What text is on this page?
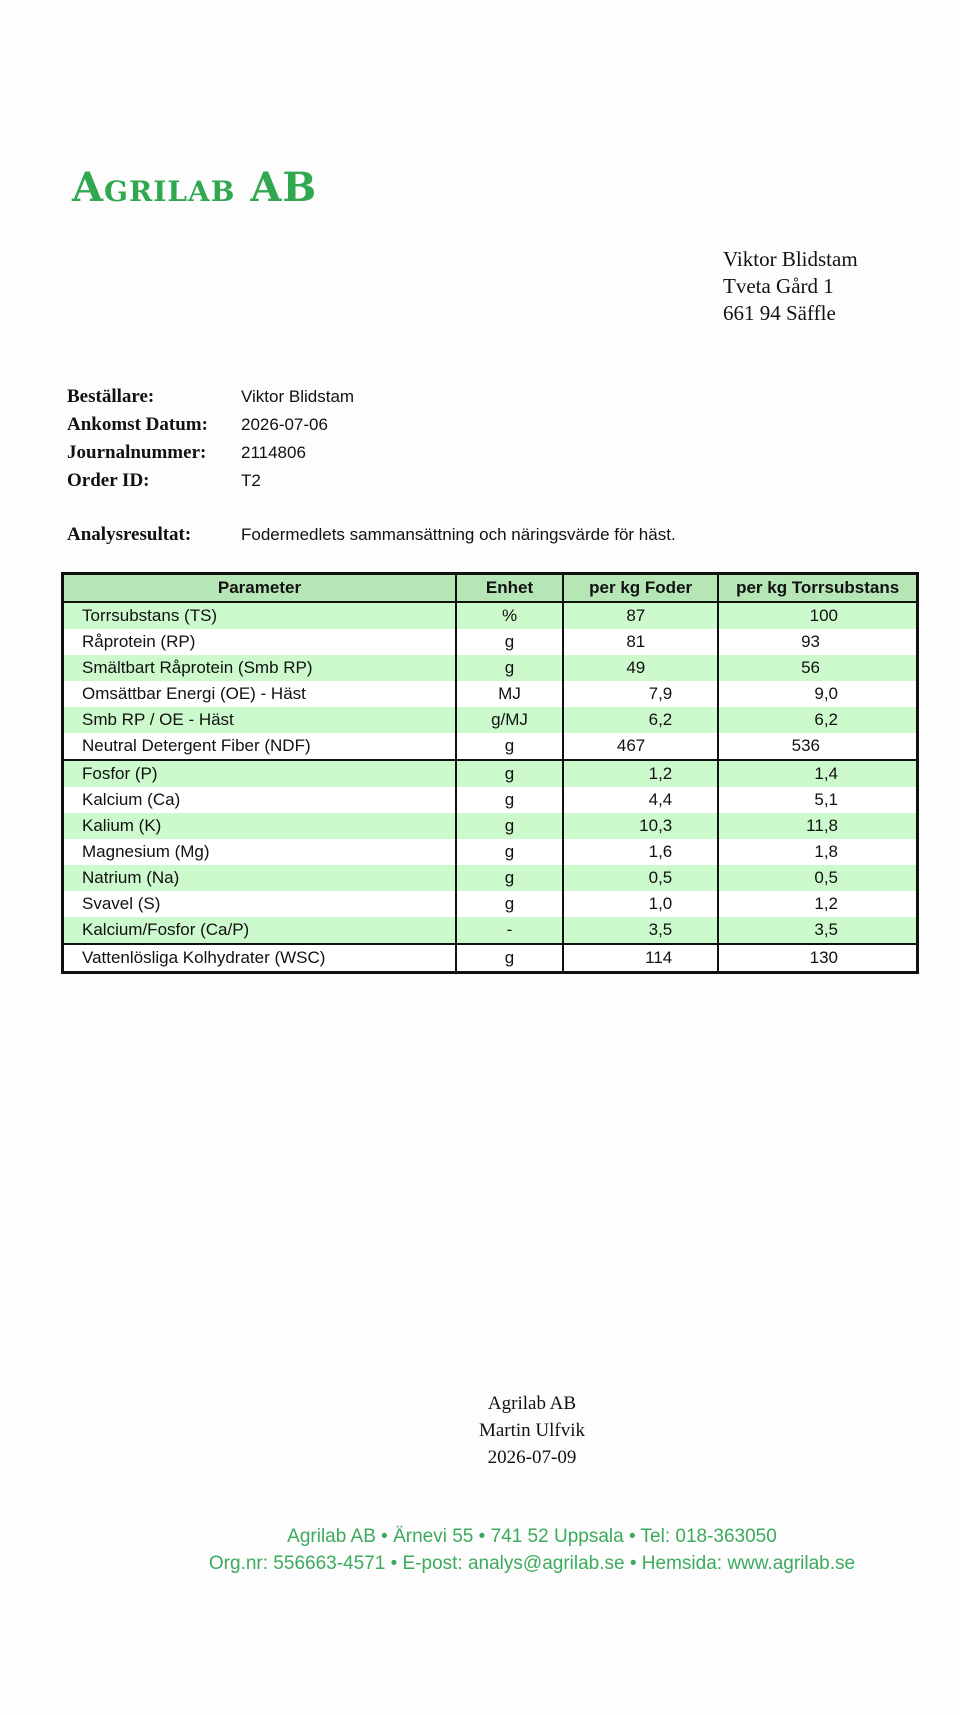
Agrilab AB
Viktor Blidstam
Tveta Gård 1
661 94 Säffle
Beställare:	Viktor Blidstam
Ankomst Datum:	2026-07-06
Journalnummer:	2114806
Order ID:	T2
Analysresultat:	Fodermedlets sammansättning och näringsvärde för häst.
Parameter	Enhet	per kg Foder	per kg Torrsubstans
Torrsubstans (TS)	%	87	100
Råprotein (RP)	g	81	93
Smältbart Råprotein (Smb RP)	g	49	56
Omsättbar Energi (OE) - Häst	MJ	7,9	9,0
Smb RP / OE - Häst	g/MJ	6,2	6,2
Neutral Detergent Fiber (NDF)	g	467	536
Fosfor (P)	g	1,2	1,4
Kalcium (Ca)	g	4,4	5,1
Kalium (K)	g	10,3	11,8
Magnesium (Mg)	g	1,6	1,8
Natrium (Na)	g	0,5	0,5
Svavel (S)	g	1,0	1,2
Kalcium/Fosfor (Ca/P)	-	3,5	3,5
Vattenlösliga Kolhydrater (WSC)	g	114	130
Agrilab AB
Martin Ulfvik
2026-07-09
Agrilab AB • Ärnevi 55 • 741 52 Uppsala • Tel: 018-363050
Org.nr: 556663-4571 • E-post: analys@agrilab.se • Hemsida: www.agrilab.se
